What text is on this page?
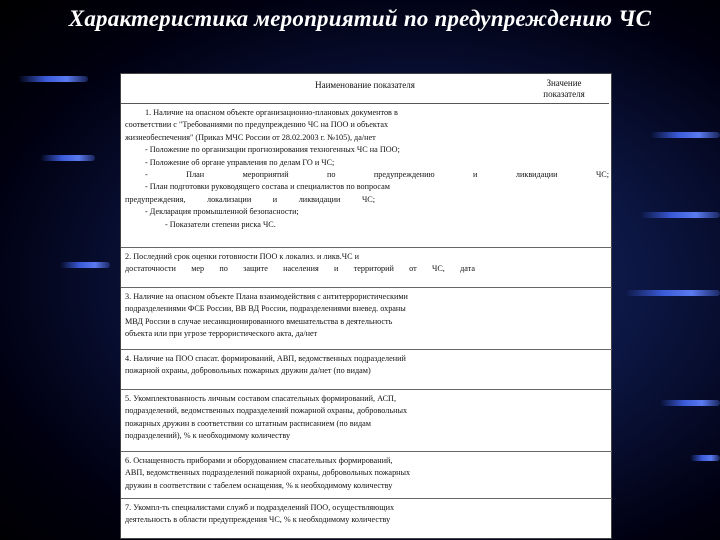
Характеристика мероприятий по предупреждению ЧС
Наименование показателя

1. Наличие на опасном объекте организационно-плановых документов в

соответствии с "Требованиями по предупреждению ЧС на ПОО и объектах

жизнеобеспечения" (Приказ МЧС России от 28.02.2003 г. №105), да/нет

- Положение по организации прогнозирования техногенных ЧС на ПОО;

- Положение об органе управления по делам ГО и ЧС;

- План мероприятий по предупреждению и ликвидации ЧС;

- План подготовки руководящего состава и специалистов по вопросам

предупреждения, локализации и ликвидации ЧС;

- Декларация промышленной безопасности;

- Показатели степени риска ЧС.

2. Последний срок оценки готовности ПОО к локализ. и ликв.ЧС и

достаточности мер по защите населения и территорий от ЧС, дата

3. Наличие на опасном объекте Плана взаимодействия с антитеррористическими

подразделениями ФСБ России, ВВ ВД России, подразделениями вневед. охраны

МВД России в случае несанкционированного вмешательства в деятельность

объекта или при угрозе террористического акта, да/нет

4. Наличие на ПОО спасат. формирований, АВП, ведомственных подразделений

пожарной охраны, добровольных пожарных дружин да/нет (по видам)

5. Укомплектованность личным составом спасательных формирований, АСП,

подразделений, ведомственных подразделений пожарной охраны, добровольных

пожарных дружин в соответствии со штатным расписанием (по видам

подразделений), % к необходимому количеству

6. Оснащенность приборами и оборудованием спасательных формирований,

АВП, ведомственных подразделений пожарной охраны, добровольных пожарных

дружин в соответствии с табелем оснащения, % к необходимому количеству

7. Укомпл-ть специалистами служб и подразделений ПОО, осуществляющих

деятельность в области предупреждения ЧС, % к необходимому количеству

Значение показателя
